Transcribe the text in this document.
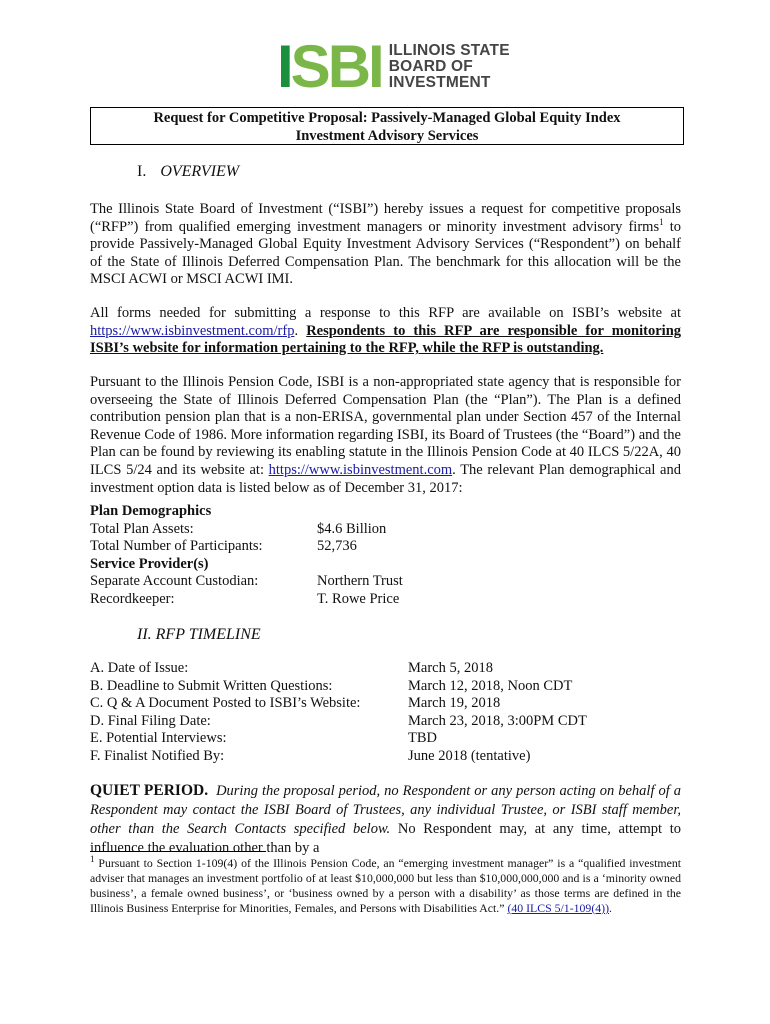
ISBI ILLINOIS STATE
BOARD OF
INVESTMENT
Request for Competitive Proposal: Passively-Managed Global Equity Index
Investment Advisory Services
I. OVERVIEW

The Illinois State Board of Investment (“ISBI”) hereby issues a request for competitive proposals (“RFP”) from qualified emerging investment managers or minority investment advisory firms$^1$ to provide Passively-Managed Global Equity Investment Advisory Services (“Respondent”) on behalf of the State of Illinois Deferred Compensation Plan. The benchmark for this allocation will be the MSCI ACWI or MSCI ACWI IMI.

All forms needed for submitting a response to this RFP are available on ISBI’s website at https://www.isbinvestment.com/rfp. Respondents to this RFP are responsible for monitoring ISBI’s website for information pertaining to the RFP, while the RFP is outstanding.

Pursuant to the Illinois Pension Code, ISBI is a non-appropriated state agency that is responsible for overseeing the State of Illinois Deferred Compensation Plan (the “Plan”). The Plan is a defined contribution pension plan that is a non-ERISA, governmental plan under Section 457 of the Internal Revenue Code of 1986. More information regarding ISBI, its Board of Trustees (the “Board”) and the Plan can be found by reviewing its enabling statute in the Illinois Pension Code at 40 ILCS 5/22A, 40 ILCS 5/24 and its website at: https://www.isbinvestment.com. The relevant Plan demographical and investment option data is listed below as of December 31, 2017:

Plan Demographics
Total Plan Assets:	$4.6 Billion
Total Number of Participants:	52,736
Service Provider(s)
Separate Account Custodian:	Northern Trust
Recordkeeper:	T. Rowe Price
II. RFP TIMELINE
A. Date of Issue:	March 5, 2018
B. Deadline to Submit Written Questions:	March 12, 2018, Noon CDT
C. Q & A Document Posted to ISBI’s Website:	March 19, 2018
D. Final Filing Date:	March 23, 2018, 3:00PM CDT
E. Potential Interviews:	TBD
F. Finalist Notified By:	June 2018 (tentative)

QUIET PERIOD. During the proposal period, no Respondent or any person acting on behalf of a Respondent may contact the ISBI Board of Trustees, any individual Trustee, or ISBI staff member, other than the Search Contacts specified below. No Respondent may, at any time, attempt to influence the evaluation other than by a

$^1$ Pursuant to Section 1-109(4) of the Illinois Pension Code, an “emerging investment manager” is a “qualified investment adviser that manages an investment portfolio of at least $10,000,000 but less than $10,000,000,000 and is a ‘minority owned business’, a female owned business’, or ‘business owned by a person with a disability’ as those terms are defined in the Illinois Business Enterprise for Minorities, Females, and Persons with Disabilities Act.” (40 ILCS 5/1-109(4)).
